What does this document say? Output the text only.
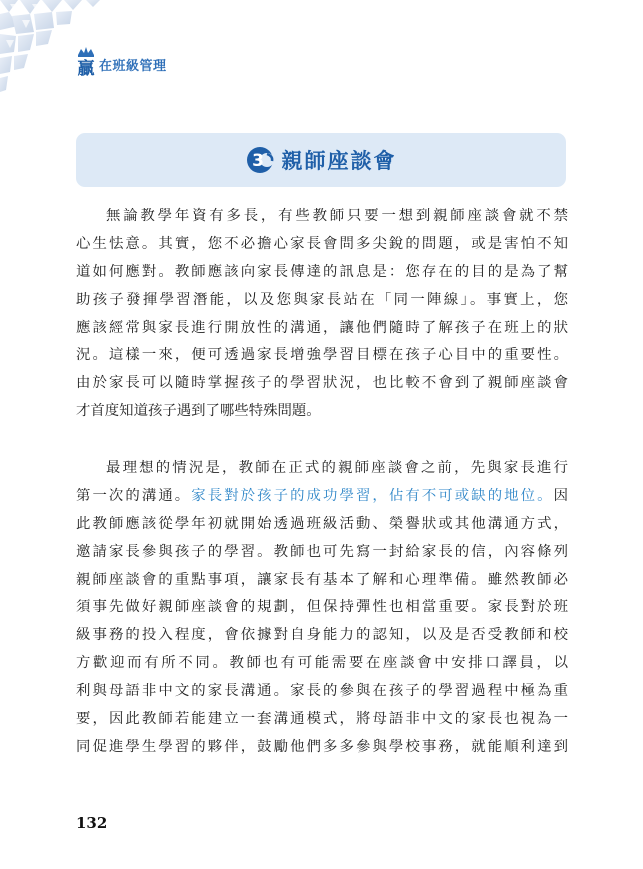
贏 在班級管理
3 親師座談會
無論教學年資有多長，有些教師只要一想到親師座談會就不禁
心生怯意。其實，您不必擔心家長會問多尖銳的問題，或是害怕不知
道如何應對。教師應該向家長傳達的訊息是：您存在的目的是為了幫
助孩子發揮學習潛能，以及您與家長站在「同一陣線」。事實上，您
應該經常與家長進行開放性的溝通，讓他們隨時了解孩子在班上的狀
況。這樣一來，便可透過家長增強學習目標在孩子心目中的重要性。
由於家長可以隨時掌握孩子的學習狀況，也比較不會到了親師座談會
才首度知道孩子遇到了哪些特殊問題。
最理想的情況是，教師在正式的親師座談會之前，先與家長進行
第一次的溝通。家長對於孩子的成功學習，佔有不可或缺的地位。因
此教師應該從學年初就開始透過班級活動、榮譽狀或其他溝通方式，
邀請家長參與孩子的學習。教師也可先寫一封給家長的信，內容條列
親師座談會的重點事項，讓家長有基本了解和心理準備。雖然教師必
須事先做好親師座談會的規劃，但保持彈性也相當重要。家長對於班
級事務的投入程度，會依據對自身能力的認知，以及是否受教師和校
方歡迎而有所不同。教師也有可能需要在座談會中安排口譯員，以
利與母語非中文的家長溝通。家長的參與在孩子的學習過程中極為重
要，因此教師若能建立一套溝通模式，將母語非中文的家長也視為一
同促進學生學習的夥伴，鼓勵他們多多參與學校事務，就能順利達到
132
